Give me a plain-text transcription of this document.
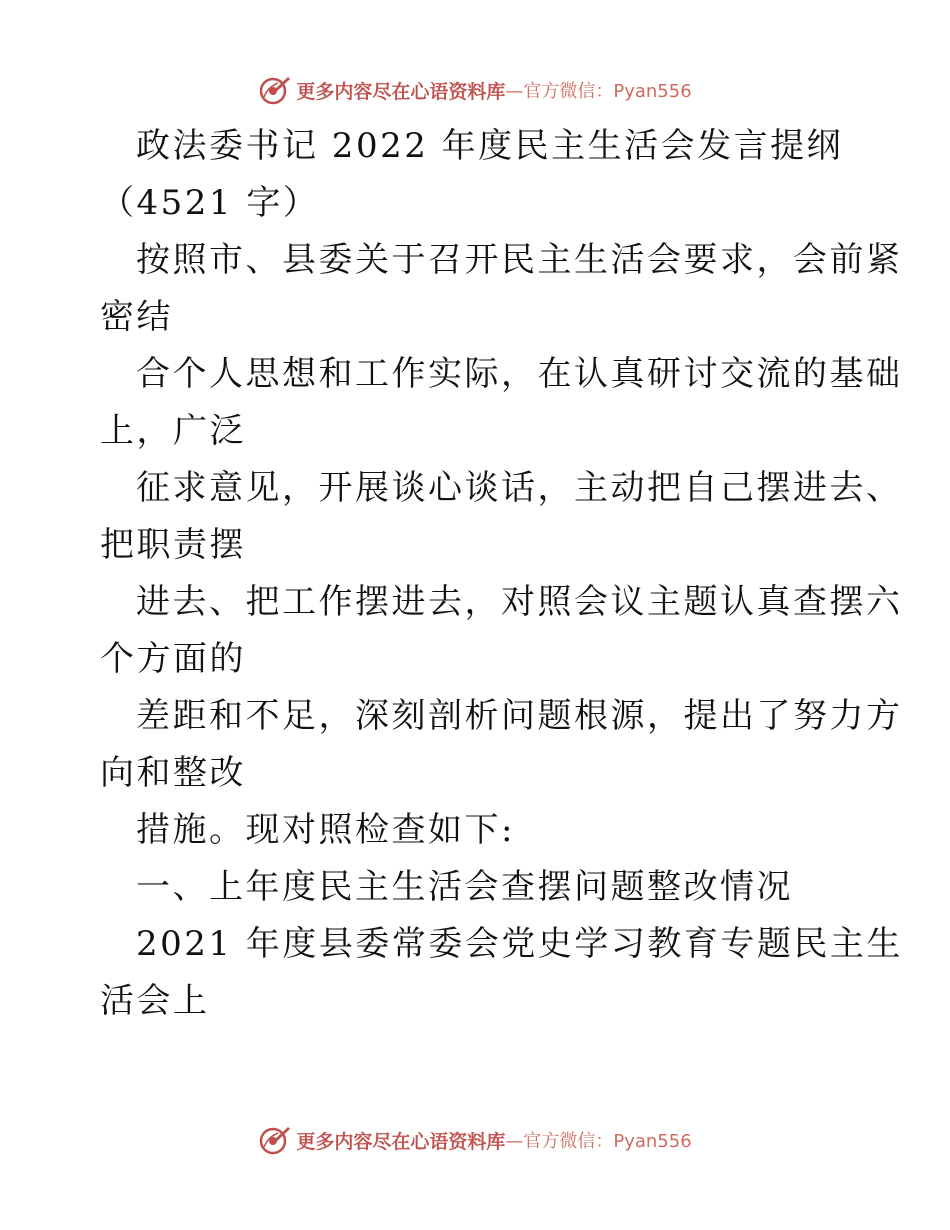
更多内容尽在心语资料库 —官方微信：Pyan556
政法委书记 2022 年度民主生活会发言提纲
（4521 字）
按照市、县委关于召开民主生活会要求，会前紧
密结
合个人思想和工作实际，在认真研讨交流的基础
上，广泛
征求意见，开展谈心谈话，主动把自己摆进去、
把职责摆
进去、把工作摆进去，对照会议主题认真查摆六
个方面的
差距和不足，深刻剖析问题根源，提出了努力方
向和整改
措施。现对照检查如下:
一、上年度民主生活会查摆问题整改情况
2021 年度县委常委会党史学习教育专题民主生
活会上
更多内容尽在心语资料库 —官方微信：Pyan556
